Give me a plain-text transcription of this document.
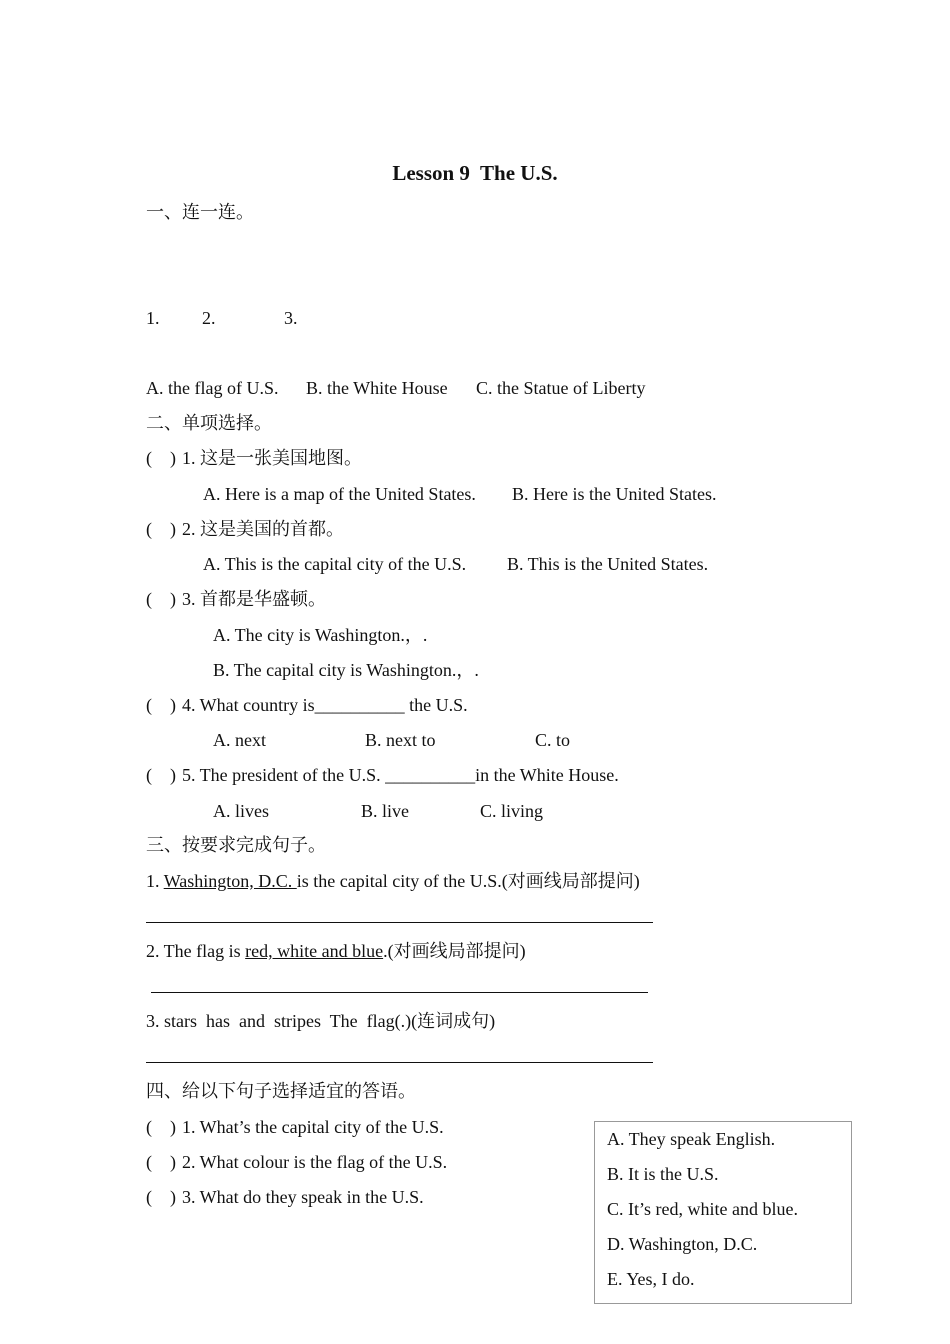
Lesson 9  The U.S.
一、连一连。
1. 2.	3.
A. the flag of U.S. B. the White House C. the Statue of Liberty
二、单项选择。
(    ) 1. 这是一张美国地图。
A. Here is a map of the United States. B. Here is the United States.
(    ) 2. 这是美国的首都。
A. This is the capital city of the U.S. B. This is the United States.
(    ) 3. 首都是华盛顿。
A. The city is Washington.，.
B. The capital city is Washington.，.
(    ) 4. What country is__________ the U.S.
A. next	B. next to	C. to
(    ) 5. The president of the U.S. __________in the White House.
A. lives	B. live	C. living
三、按要求完成句子。
1. Washington, D.C. is the capital city of the U.S.(对画线局部提问)
2. The flag is red, white and blue.(对画线局部提问)
3. stars  has  and  stripes  The  flag(.)(连词成句)
四、给以下句子选择适宜的答语。
(    ) 1. What’s the capital city of the U.S.
(    ) 2. What colour is the flag of the U.S.
(    ) 3. What do they speak in the U.S.
A. They speak English.
B. It is the U.S.
C. It’s red, white and blue.
D. Washington, D.C.
E. Yes, I do.
